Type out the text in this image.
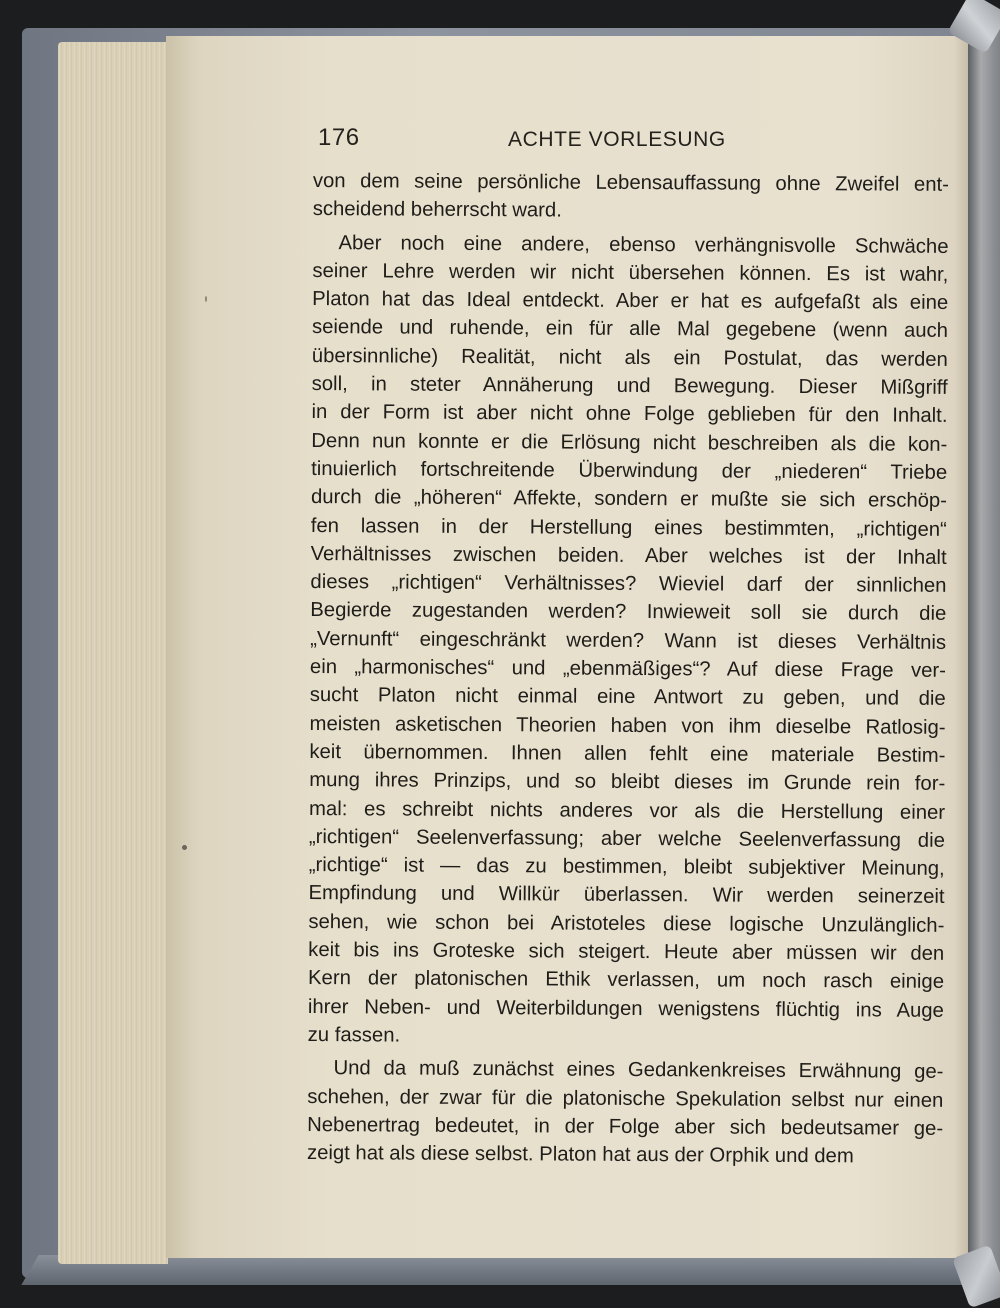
176	ACHTE VORLESUNG
von dem seine persönliche Lebensauffassung ohne Zweifel ent-
scheidend beherrscht ward.
Aber noch eine andere, ebenso verhängnisvolle Schwäche
seiner Lehre werden wir nicht übersehen können. Es ist wahr,
Platon hat das Ideal entdeckt. Aber er hat es aufgefaßt als eine
seiende und ruhende, ein für alle Mal gegebene (wenn auch
übersinnliche) Realität, nicht als ein Postulat, das werden
soll, in steter Annäherung und Bewegung. Dieser Mißgriff
in der Form ist aber nicht ohne Folge geblieben für den Inhalt.
Denn nun konnte er die Erlösung nicht beschreiben als die kon-
tinuierlich fortschreitende Überwindung der „niederen“ Triebe
durch die „höheren“ Affekte, sondern er mußte sie sich erschöp-
fen lassen in der Herstellung eines bestimmten, „richtigen“
Verhältnisses zwischen beiden. Aber welches ist der Inhalt
dieses „richtigen“ Verhältnisses? Wieviel darf der sinnlichen
Begierde zugestanden werden? Inwieweit soll sie durch die
„Vernunft“ eingeschränkt werden? Wann ist dieses Verhältnis
ein „harmonisches“ und „ebenmäßiges“? Auf diese Frage ver-
sucht Platon nicht einmal eine Antwort zu geben, und die
meisten asketischen Theorien haben von ihm dieselbe Ratlosig-
keit übernommen. Ihnen allen fehlt eine materiale Bestim-
mung ihres Prinzips, und so bleibt dieses im Grunde rein for-
mal: es schreibt nichts anderes vor als die Herstellung einer
„richtigen“ Seelenverfassung; aber welche Seelenverfassung die
„richtige“ ist — das zu bestimmen, bleibt subjektiver Meinung,
Empfindung und Willkür überlassen. Wir werden seinerzeit
sehen, wie schon bei Aristoteles diese logische Unzulänglich-
keit bis ins Groteske sich steigert. Heute aber müssen wir den
Kern der platonischen Ethik verlassen, um noch rasch einige
ihrer Neben- und Weiterbildungen wenigstens flüchtig ins Auge
zu fassen.
Und da muß zunächst eines Gedankenkreises Erwähnung ge-
schehen, der zwar für die platonische Spekulation selbst nur einen
Nebenertrag bedeutet, in der Folge aber sich bedeutsamer ge-
zeigt hat als diese selbst. Platon hat aus der Orphik und dem
